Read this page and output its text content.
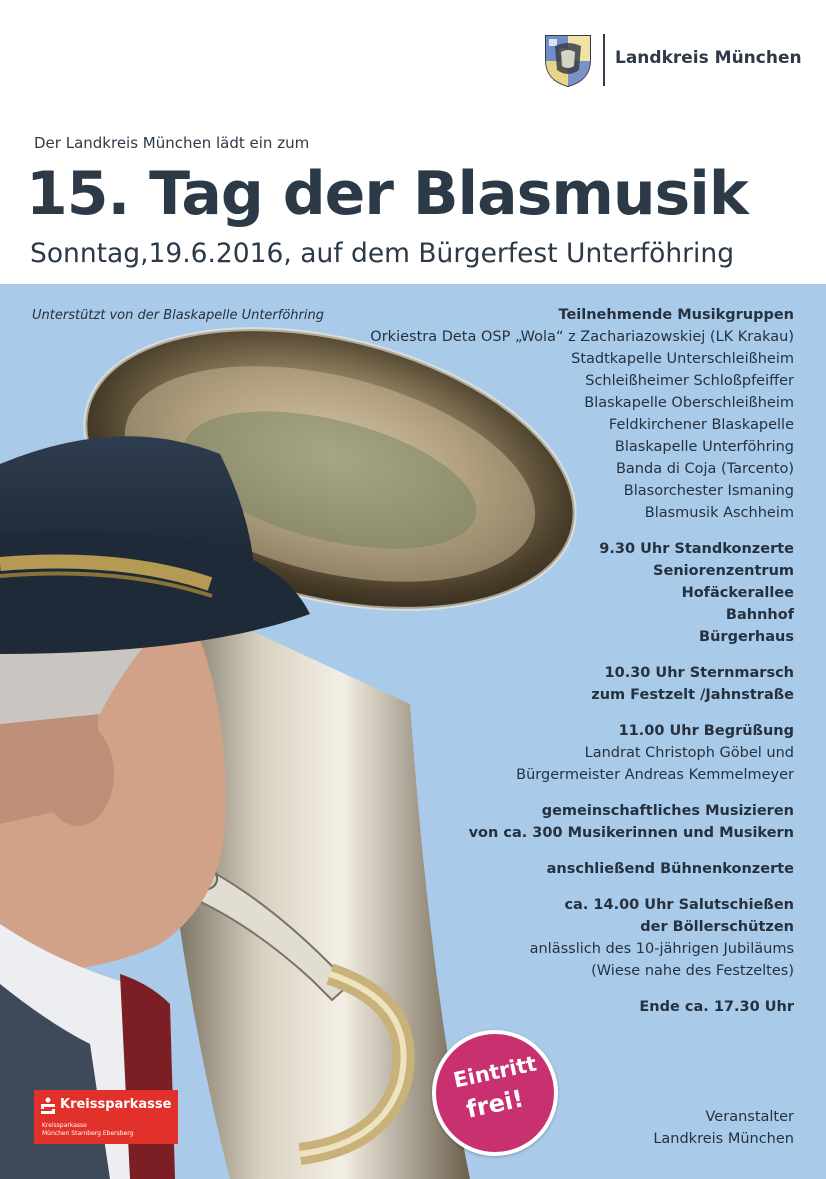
Landkreis München
Der Landkreis München lädt ein zum
15. Tag der Blasmusik
Sonntag,19.6.2016, auf dem Bürgerfest Unterföhring
Unterstützt von der Blaskapelle Unterföhring	Teilnehmende Musikgruppen
Orkiestra Deta OSP „Wola“ z Zachariazowskiej (LK Krakau)
Stadtkapelle Unterschleißheim
Schleißheimer Schloßpfeiffer
Blaskapelle Oberschleißheim
Feldkirchener Blaskapelle
Blaskapelle Unterföhring
Banda di Coja (Tarcento)
Blasorchester Ismaning
Blasmusik Aschheim
9.30 Uhr Standkonzerte
Seniorenzentrum
Hofäckerallee
Bahnhof
Bürgerhaus
10.30 Uhr Sternmarsch
zum Festzelt /Jahnstraße
11.00 Uhr Begrüßung
Landrat Christoph Göbel und
Bürgermeister Andreas Kemmelmeyer
gemeinschaftliches Musizieren
von ca. 300 Musikerinnen und Musikern
anschließend Bühnenkonzerte
ca. 14.00 Uhr Salutschießen
der Böllerschützen
anlässlich des 10-jährigen Jubiläums
(Wiese nahe des Festzeltes)
Ende ca. 17.30 Uhr
Eintritt
frei!
Kreissparkasse
Kreissparkasse
München Starnberg Ebersberg
Veranstalter
Landkreis München
